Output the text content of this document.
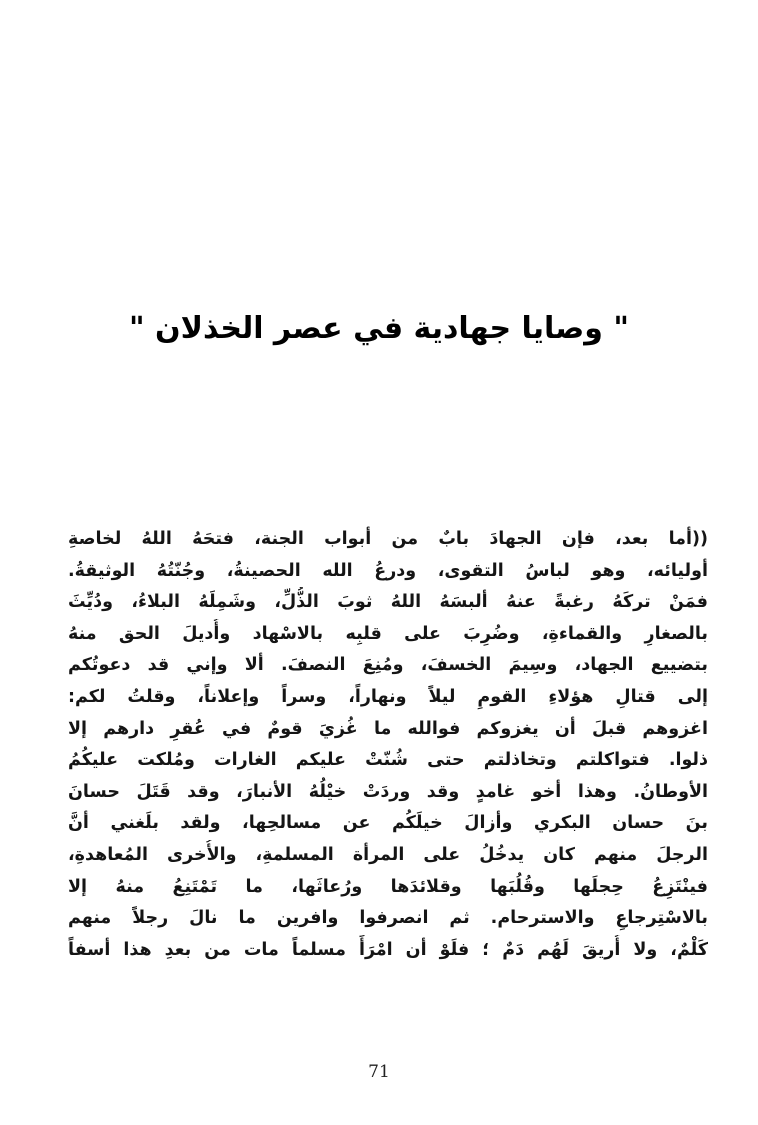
" وصايا جهادية في عصر الخذلان "
((أما بعد، فإن الجهادَ بابٌ من أبواب الجنة، فتحَهُ اللهُ لخاصةِ
أوليائه، وهو لباسُ التقوى، ودرعُ الله الحصينةُ، وجُنّتُهُ الوثيقةُ.
فمَنْ تركَهُ رغبةً عنهُ ألبسَهُ اللهُ ثوبَ الذُّلِّ، وشَمِلَهُ البلاءُ، ودُيِّثَ
بالصغارِ والقماءةِ، وضُرِبَ على قلبِه بالاسْهاد وأُديلَ الحق منهُ
بتضييع الجهاد، وسِيمَ الخسفَ، ومُنِعَ النصفَ. ألا وإني قد دعوتُكم
إلى قتالِ هؤلاءِ القومِ ليلاً ونهاراً، وسراً وإعلاناً، وقلتُ لكم:
اغزوهم قبلَ أن يغزوكم فوالله ما غُزيَ قومٌ في عُقرِ دارهم إلا
ذلوا. فتواكلتم وتخاذلتم حتى شُنّتْ عليكم الغارات ومُلكت عليكُمُ
الأوطانُ. وهذا أخو غامدٍ وقد وردَتْ خيْلُهُ الأنبارَ، وقد قَتَلَ حسانَ
بنَ حسان البكري وأزالَ خيلَكُم عن مسالحِها، ولقد بلَغني أنَّ
الرجلَ منهم كان يدخُلُ على المرأة المسلمةِ، والأُخرى المُعاهدةِ،
فينْتَزِعُ حِجلَها وقُلُبَها وقلائدَها ورُعاثَها، ما تَمْتَنِعُ منهُ إلا
بالاسْتِرجاعِ والاسترحام. ثم انصرفوا وافرين ما نالَ رجلاً منهم
كَلْمٌ، ولا أُريقَ لَهُم دَمٌ ؛ فلَوْ أن امْرَأً مسلماً مات من بعدِ هذا أسفاً
71
